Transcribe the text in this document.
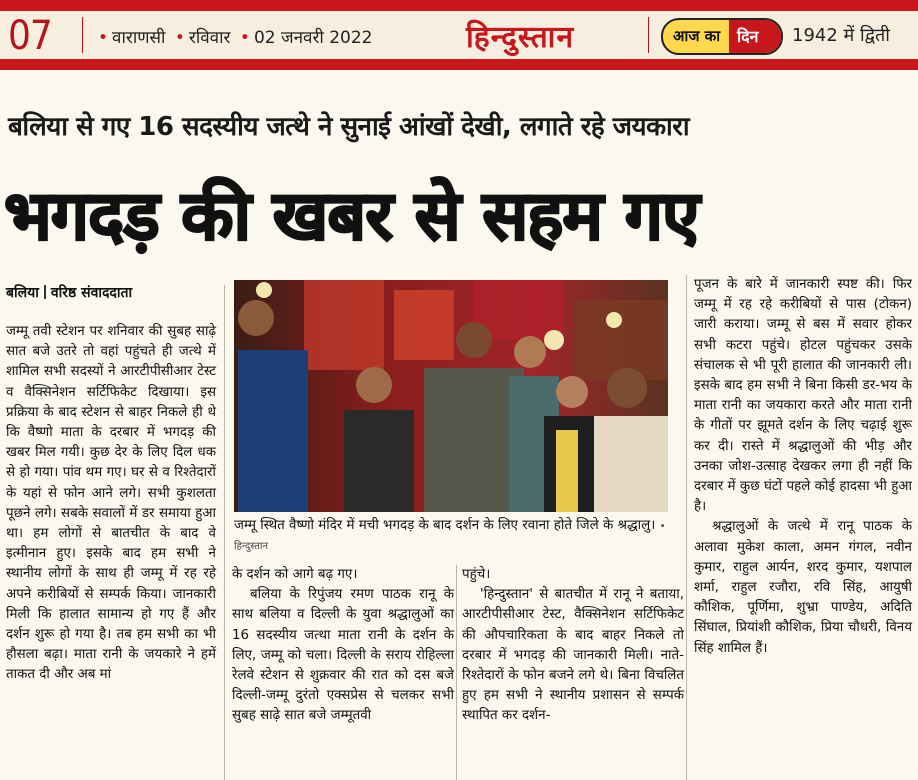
07	• वाराणसी • रविवार • 02 जनवरी 2022	हिन्दुस्तान	आज का दिन 1942 में द्विती
बलिया से गए 16 सदस्यीय जत्थे ने सुनाई आंखों देखी, लगाते रहे जयकारा
भगदड़ की खबर से सहम गए
बलिया वरिष्ठ संवाददाता

जम्मू तवी स्टेशन पर शनिवार की सुबह साढ़े सात बजे उतरे तो वहां पहुंचते ही जत्थे में शामिल सभी सदस्यों ने आरटीपीसीआर टेस्ट व वैक्सिनेशन सर्टिफिकेट दिखाया। इस प्रक्रिया के बाद स्टेशन से बाहर निकले ही थे कि वैष्णो माता के दरबार में भगदड़ की खबर मिल गयी। कुछ देर के लिए दिल धक से हो गया। पांव थम गए। घर से व रिश्तेदारों के यहां से फोन आने लगे। सभी कुशलता पूछने लगे। सबके सवालों में डर समाया हुआ था। हम लोगों से बातचीत के बाद वे इत्मीनान हुए। इसके बाद हम सभी ने स्थानीय लोगों के साथ ही जम्मू में रह रहे अपने करीबियों से सम्पर्क किया। जानकारी मिली कि हालात सामान्य हो गए हैं और दर्शन शुरू हो गया है। तब हम सभी का भी हौसला बढ़ा। माता रानी के जयकारे ने हमें ताकत दी और अब मां

जम्मू स्थित वैष्णो मंदिर में मची भगदड़ के बाद दर्शन के लिए रवाना होते जिले के श्रद्धालु। • हिन्दुस्तान

के दर्शन को आगे बढ़ गए।

बलिया के रिपुंजय रमण पाठक रानू के साथ बलिया व दिल्ली के युवा श्रद्धालुओं का 16 सदस्यीय जत्था माता रानी के दर्शन के लिए, जम्मू को चला। दिल्ली के सराय रोहिल्ला रेलवे स्टेशन से शुक्रवार की रात को दस बजे दिल्ली-जम्मू दुरंतो एक्सप्रेस से चलकर सभी सुबह साढ़े सात बजे जम्मूतवी

पहुंचे।

'हिन्दुस्तान' से बातचीत में रानू ने बताया, आरटीपीसीआर टेस्ट, वैक्सिनेशन सर्टिफिकेट की औपचारिकता के बाद बाहर निकले तो दरबार में भगदड़ की जानकारी मिली। नाते-रिश्तेदारों के फोन बजने लगे थे। बिना विचलित हुए हम सभी ने स्थानीय प्रशासन से सम्पर्क स्थापित कर दर्शन-

पूजन के बारे में जानकारी स्पष्ट की। फिर जम्मू में रह रहे करीबियों से पास (टोकन) जारी कराया। जम्मू से बस में सवार होकर सभी कटरा पहुंचे। होटल पहुंचकर उसके संचालक से भी पूरी हालात की जानकारी ली। इसके बाद हम सभी ने बिना किसी डर-भय के माता रानी का जयकारा करते और माता रानी के गीतों पर झूमते दर्शन के लिए चढ़ाई शुरू कर दी। रास्ते में श्रद्धालुओं की भीड़ और उनका जोश-उत्साह देखकर लगा ही नहीं कि दरबार में कुछ घंटों पहले कोई हादसा भी हुआ है।

श्रद्धालुओं के जत्थे में रानू पाठक के अलावा मुकेश काला, अमन गंगल, नवीन कुमार, राहुल आर्यन, शरद कुमार, यशपाल शर्मा, राहुल रजौरा, रवि सिंह, आयुषी कौशिक, पूर्णिमा, शुभ्रा पाण्डेय, अदिति सिंघाल, प्रियांशी कौशिक, प्रिया चौधरी, विनय सिंह शामिल हैं।
